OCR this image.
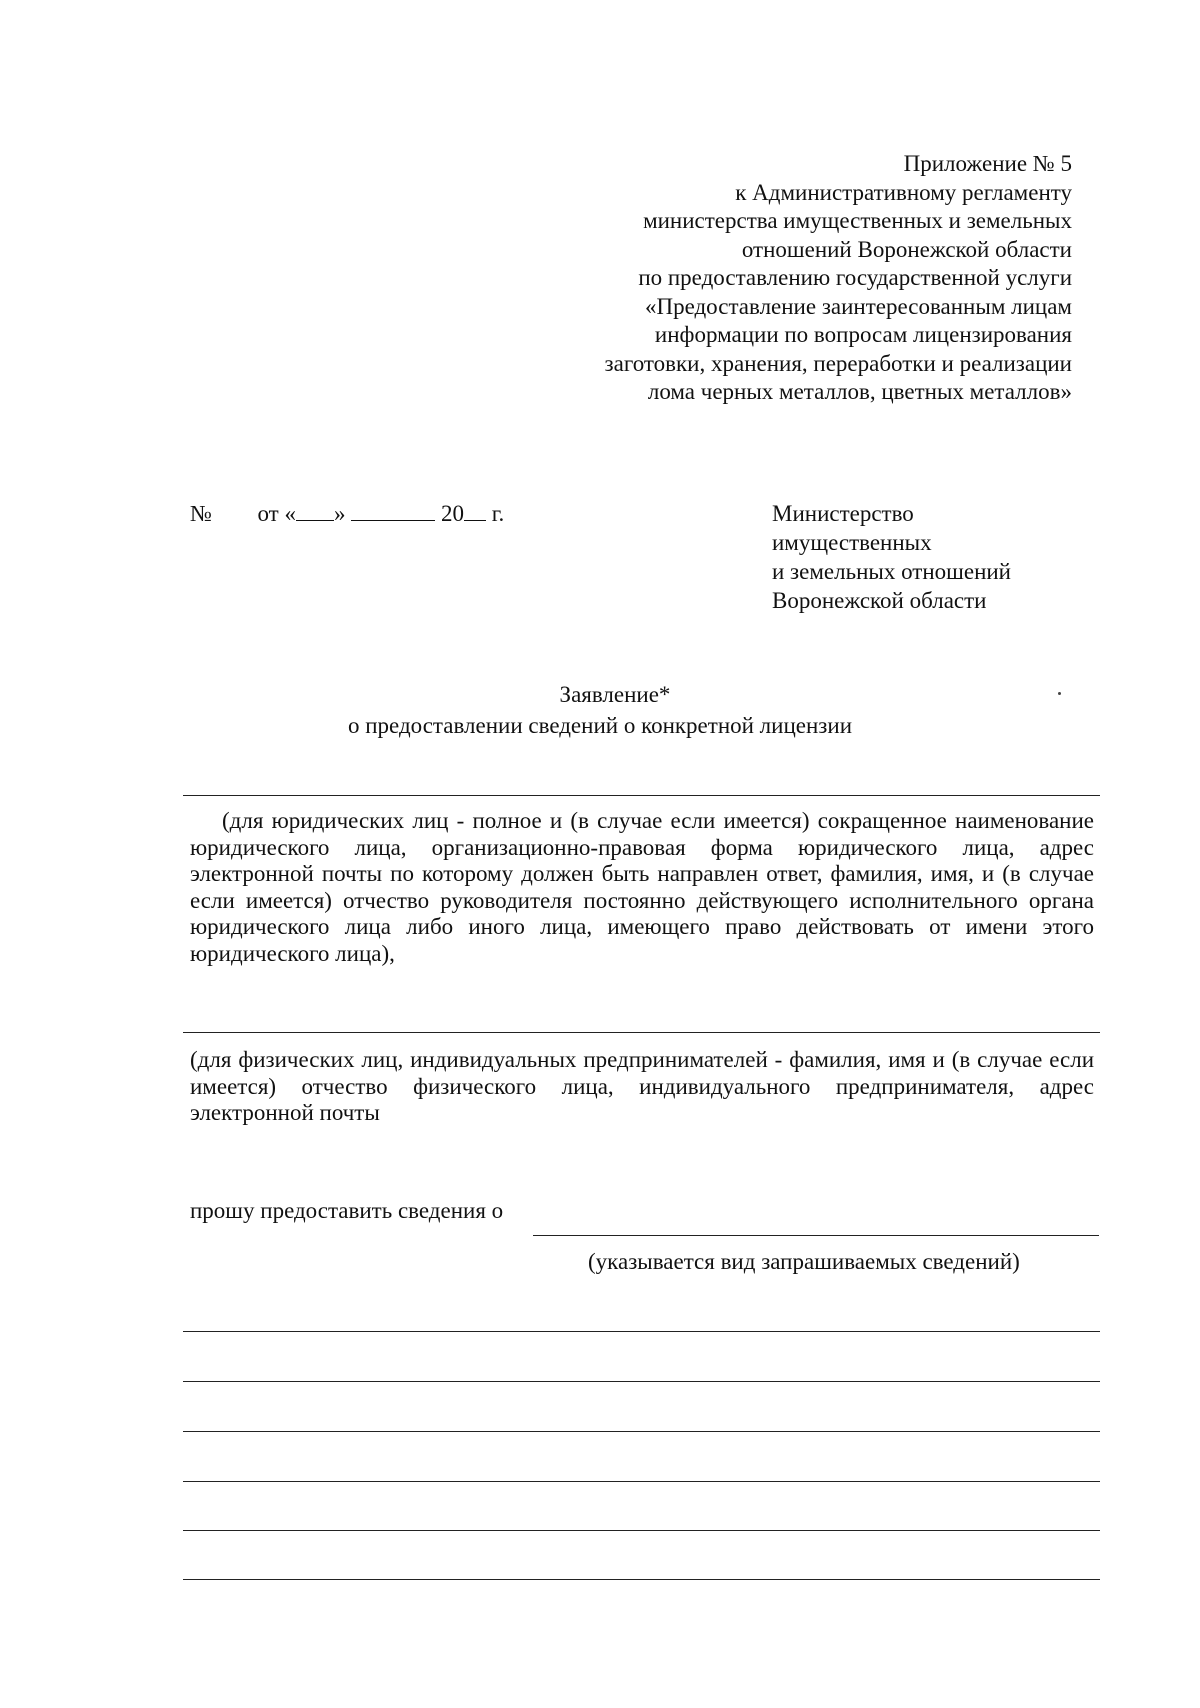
Приложение № 5
к Административному регламенту
министерства имущественных и земельных
отношений Воронежской области
по предоставлению государственной услуги
«Предоставление заинтересованным лицам
информации по вопросам лицензирования
заготовки, хранения, переработки и реализации
лома черных металлов, цветных металлов»
№ от « »	20 г.	Министерство
имущественных
и земельных отношений
Воронежской области
Заявление*
о предоставлении сведений о конкретной лицензии
(для юридических лиц - полное и (в случае если имеется) сокращенное наименование юридического лица, организационно-правовая форма юридического лица, адрес электронной почты по которому должен быть направлен ответ, фамилия, имя, и (в случае если имеется) отчество руководителя постоянно действующего исполнительного органа юридического лица либо иного лица, имеющего право действовать от имени этого юридического лица),
(для физических лиц, индивидуальных предпринимателей - фамилия, имя и (в случае если имеется) отчество физического лица, индивидуального предпринимателя, адрес электронной почты
прошу предоставить сведения о
(указывается вид запрашиваемых сведений)
